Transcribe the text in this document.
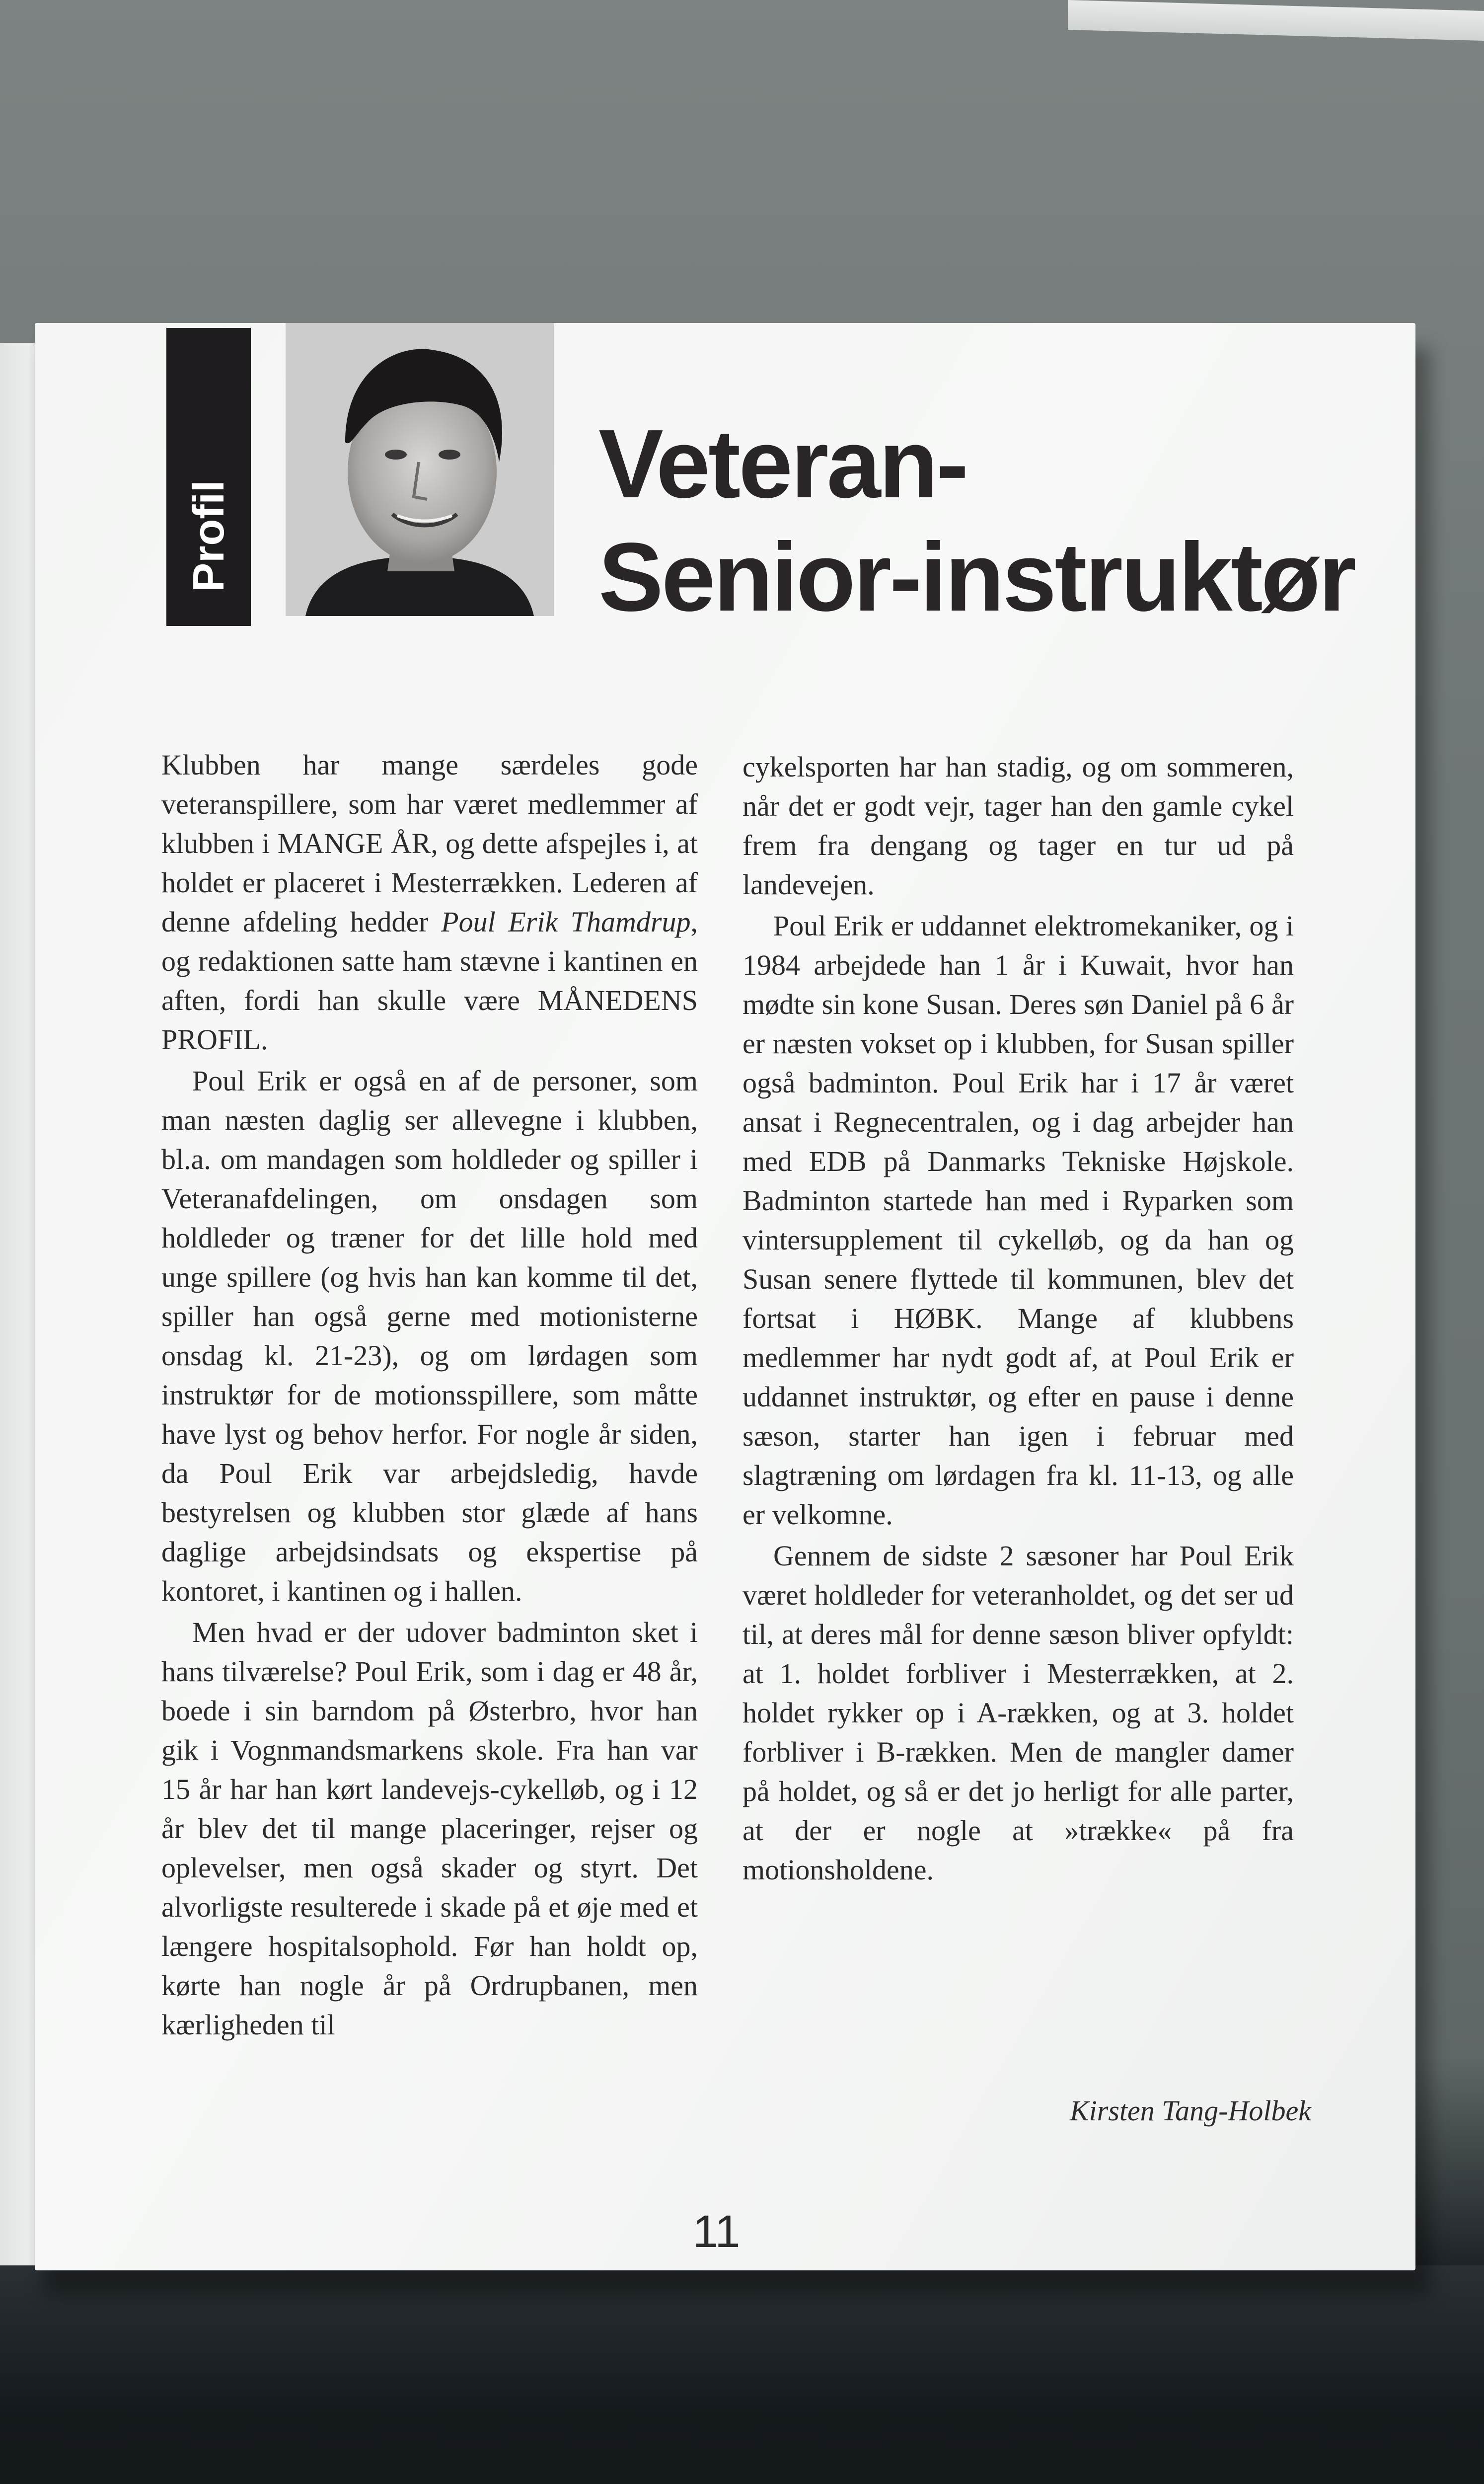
Profil
Veteran-
Senior-instruktør

Klubben har mange særdeles gode veteranspillere, som har været medlemmer af klubben i MANGE ÅR, og dette afspejles i, at holdet er placeret i Mesterrækken. Lederen af denne afdeling hedder Poul Erik Thamdrup, og redaktionen satte ham stævne i kantinen en aften, fordi han skulle være MÅNEDENS PROFIL.

Poul Erik er også en af de personer, som man næsten daglig ser allevegne i klubben, bl.a. om mandagen som holdleder og spiller i Veteranafdelingen, om onsdagen som holdleder og træner for det lille hold med unge spillere (og hvis han kan komme til det, spiller han også gerne med motionisterne onsdag kl. 21-23), og om lørdagen som instruktør for de motionsspillere, som måtte have lyst og behov herfor. For nogle år siden, da Poul Erik var arbejdsledig, havde bestyrelsen og klubben stor glæde af hans daglige arbejdsindsats og ekspertise på kontoret, i kantinen og i hallen.

Men hvad er der udover badminton sket i hans tilværelse? Poul Erik, som i dag er 48 år, boede i sin barndom på Østerbro, hvor han gik i Vognmandsmarkens skole. Fra han var 15 år har han kørt landevejs-cykelløb, og i 12 år blev det til mange placeringer, rejser og oplevelser, men også skader og styrt. Det alvorligste resulterede i skade på et øje med et længere hospitalsophold. Før han holdt op, kørte han nogle år på Ordrupbanen, men kærligheden til

cykelsporten har han stadig, og om sommeren, når det er godt vejr, tager han den gamle cykel frem fra dengang og tager en tur ud på landevejen.

Poul Erik er uddannet elektromekaniker, og i 1984 arbejdede han 1 år i Kuwait, hvor han mødte sin kone Susan. Deres søn Daniel på 6 år er næsten vokset op i klubben, for Susan spiller også badminton. Poul Erik har i 17 år været ansat i Regnecentralen, og i dag arbejder han med EDB på Danmarks Tekniske Højskole. Badminton startede han med i Ryparken som vintersupplement til cykelløb, og da han og Susan senere flyttede til kommunen, blev det fortsat i HØBK. Mange af klubbens medlemmer har nydt godt af, at Poul Erik er uddannet instruktør, og efter en pause i denne sæson, starter han igen i februar med slagtræning om lørdagen fra kl. 11-13, og alle er velkomne.

Gennem de sidste 2 sæsoner har Poul Erik været holdleder for veteranholdet, og det ser ud til, at deres mål for denne sæson bliver opfyldt: at 1. holdet forbliver i Mesterrækken, at 2. holdet rykker op i A-rækken, og at 3. holdet forbliver i B-rækken. Men de mangler damer på holdet, og så er det jo herligt for alle parter, at der er nogle at »trække« på fra motionsholdene.

Kirsten Tang-Holbek
11
